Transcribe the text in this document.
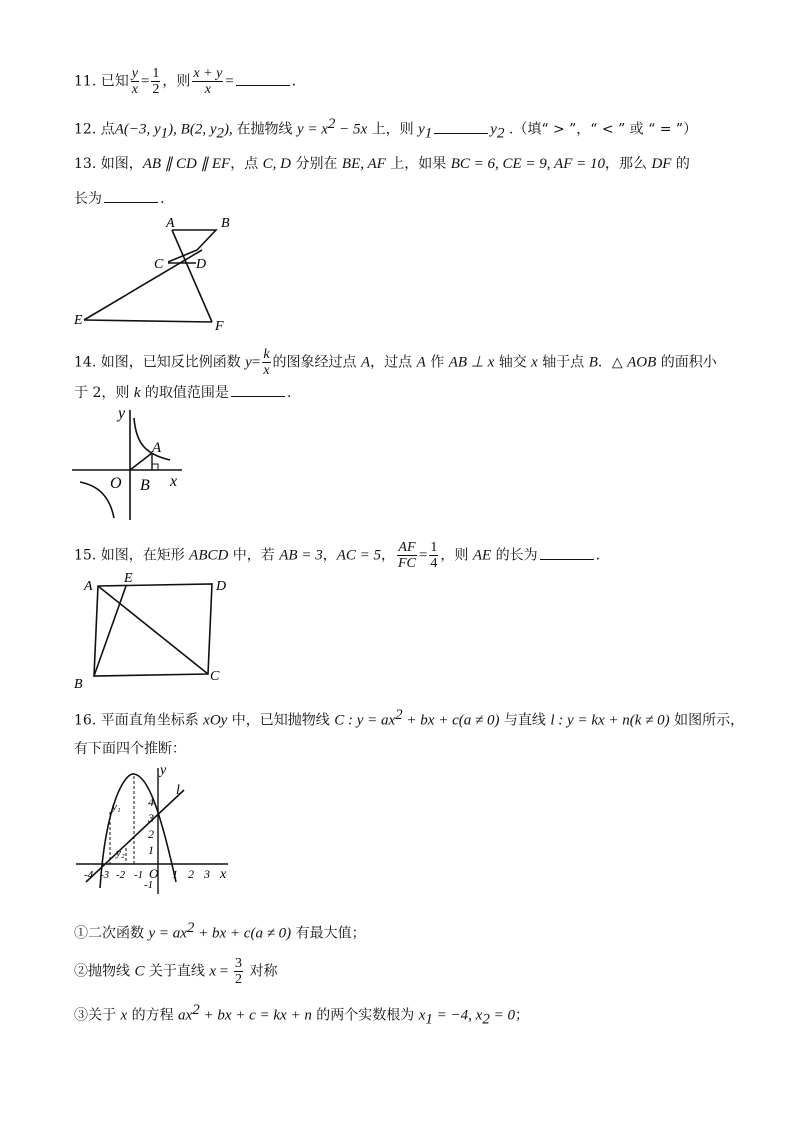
11. 已知 $\frac{y}{x} = \frac{1}{2}$ ，则 $\frac{x + y}{x}$ =	.
12. 点A(−3, $y_1$), B(2, $y_2$), 在抛物线 $y = x^2 - 5x$ 上，则 $y_1$	$y_2$ .（填“ > ”，“ < ” 或 “ = ”）
13. 如图，AB ∥ CD ∥ EF，点 C, D 分别在 BE, AF 上，如果 BC = 6, CE = 9, AF = 10，那么 DF 的
长为	.
A	B
C D
E	F
14. 如图，已知反比例函数 $y= \frac{k}{x}$ 的图象经过点 A，过点 A 作 AB ⊥ x 轴交 x 轴于点 B．△ AOB 的面积小
于 2，则 k 的取值范围是	.
y
A
O B x
15. 如图，在矩形 ABCD 中，若 AB = 3，AC = 5， $\frac{AF}{FC} = \frac{1}{4}$ ，则 AE 的长为	.
A
E
D
B
C
16. 平面直角坐标系 xOy 中，已知抛物线 C : $y = ax^2$ + bx + c(a ≠ 0) 与直线 l : y = kx + n(k ≠ 0) 如图所示，
有下面四个推断：
y
l
x
y₁
y₂
4
3
2
1
-1
-4 -3 -2 -1 O 1 2 3
①二次函数 $y = ax^2$ + bx + c(a ≠ 0) 有最大值；
②抛物线 C 关于直线 $x = \frac{3}{2}$ 对称
③关于 x 的方程 $ax^2$ + bx + c = kx + n 的两个实数根为 $x_1 = -4$, $x_2 = 0$；
